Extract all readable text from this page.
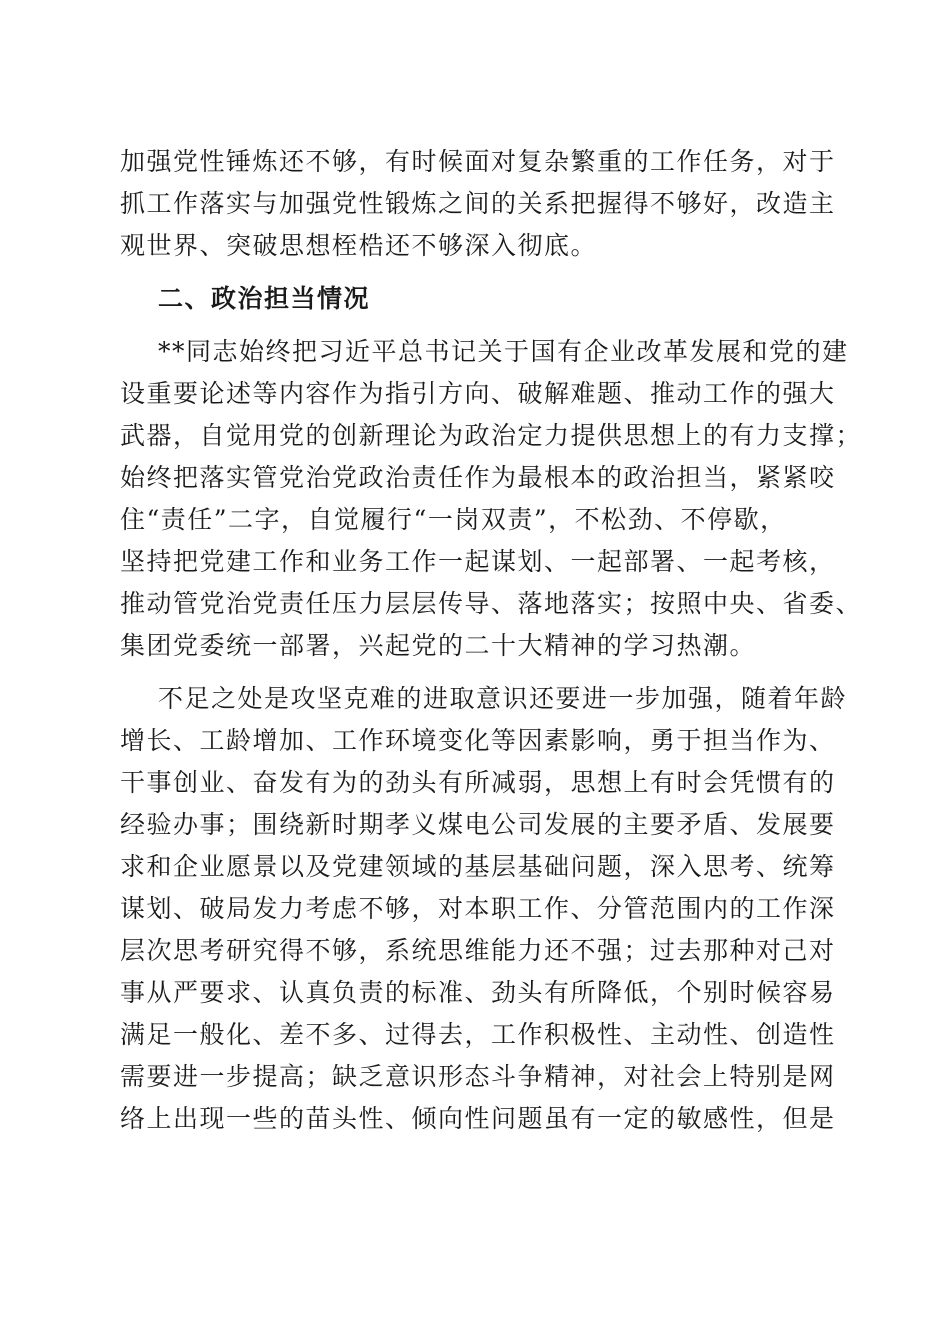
加强党性锤炼还不够，有时候面对复杂繁重的工作任务，对于
抓工作落实与加强党性锻炼之间的关系把握得不够好，改造主
观世界、突破思想桎梏还不够深入彻底。
二、政治担当情况
**同志始终把习近平总书记关于国有企业改革发展和党的建
设重要论述等内容作为指引方向、破解难题、推动工作的强大
武器，自觉用党的创新理论为政治定力提供思想上的有力支撑；
始终把落实管党治党政治责任作为最根本的政治担当，紧紧咬
住“责任”二字，自觉履行“一岗双责”，不松劲、不停歇，
坚持把党建工作和业务工作一起谋划、一起部署、一起考核，
推动管党治党责任压力层层传导、落地落实；按照中央、省委、
集团党委统一部署，兴起党的二十大精神的学习热潮。
不足之处是攻坚克难的进取意识还要进一步加强，随着年龄
增长、工龄增加、工作环境变化等因素影响，勇于担当作为、
干事创业、奋发有为的劲头有所减弱，思想上有时会凭惯有的
经验办事；围绕新时期孝义煤电公司发展的主要矛盾、发展要
求和企业愿景以及党建领域的基层基础问题，深入思考、统筹
谋划、破局发力考虑不够，对本职工作、分管范围内的工作深
层次思考研究得不够，系统思维能力还不强；过去那种对己对
事从严要求、认真负责的标准、劲头有所降低，个别时候容易
满足一般化、差不多、过得去，工作积极性、主动性、创造性
需要进一步提高；缺乏意识形态斗争精神，对社会上特别是网
络上出现一些的苗头性、倾向性问题虽有一定的敏感性，但是
